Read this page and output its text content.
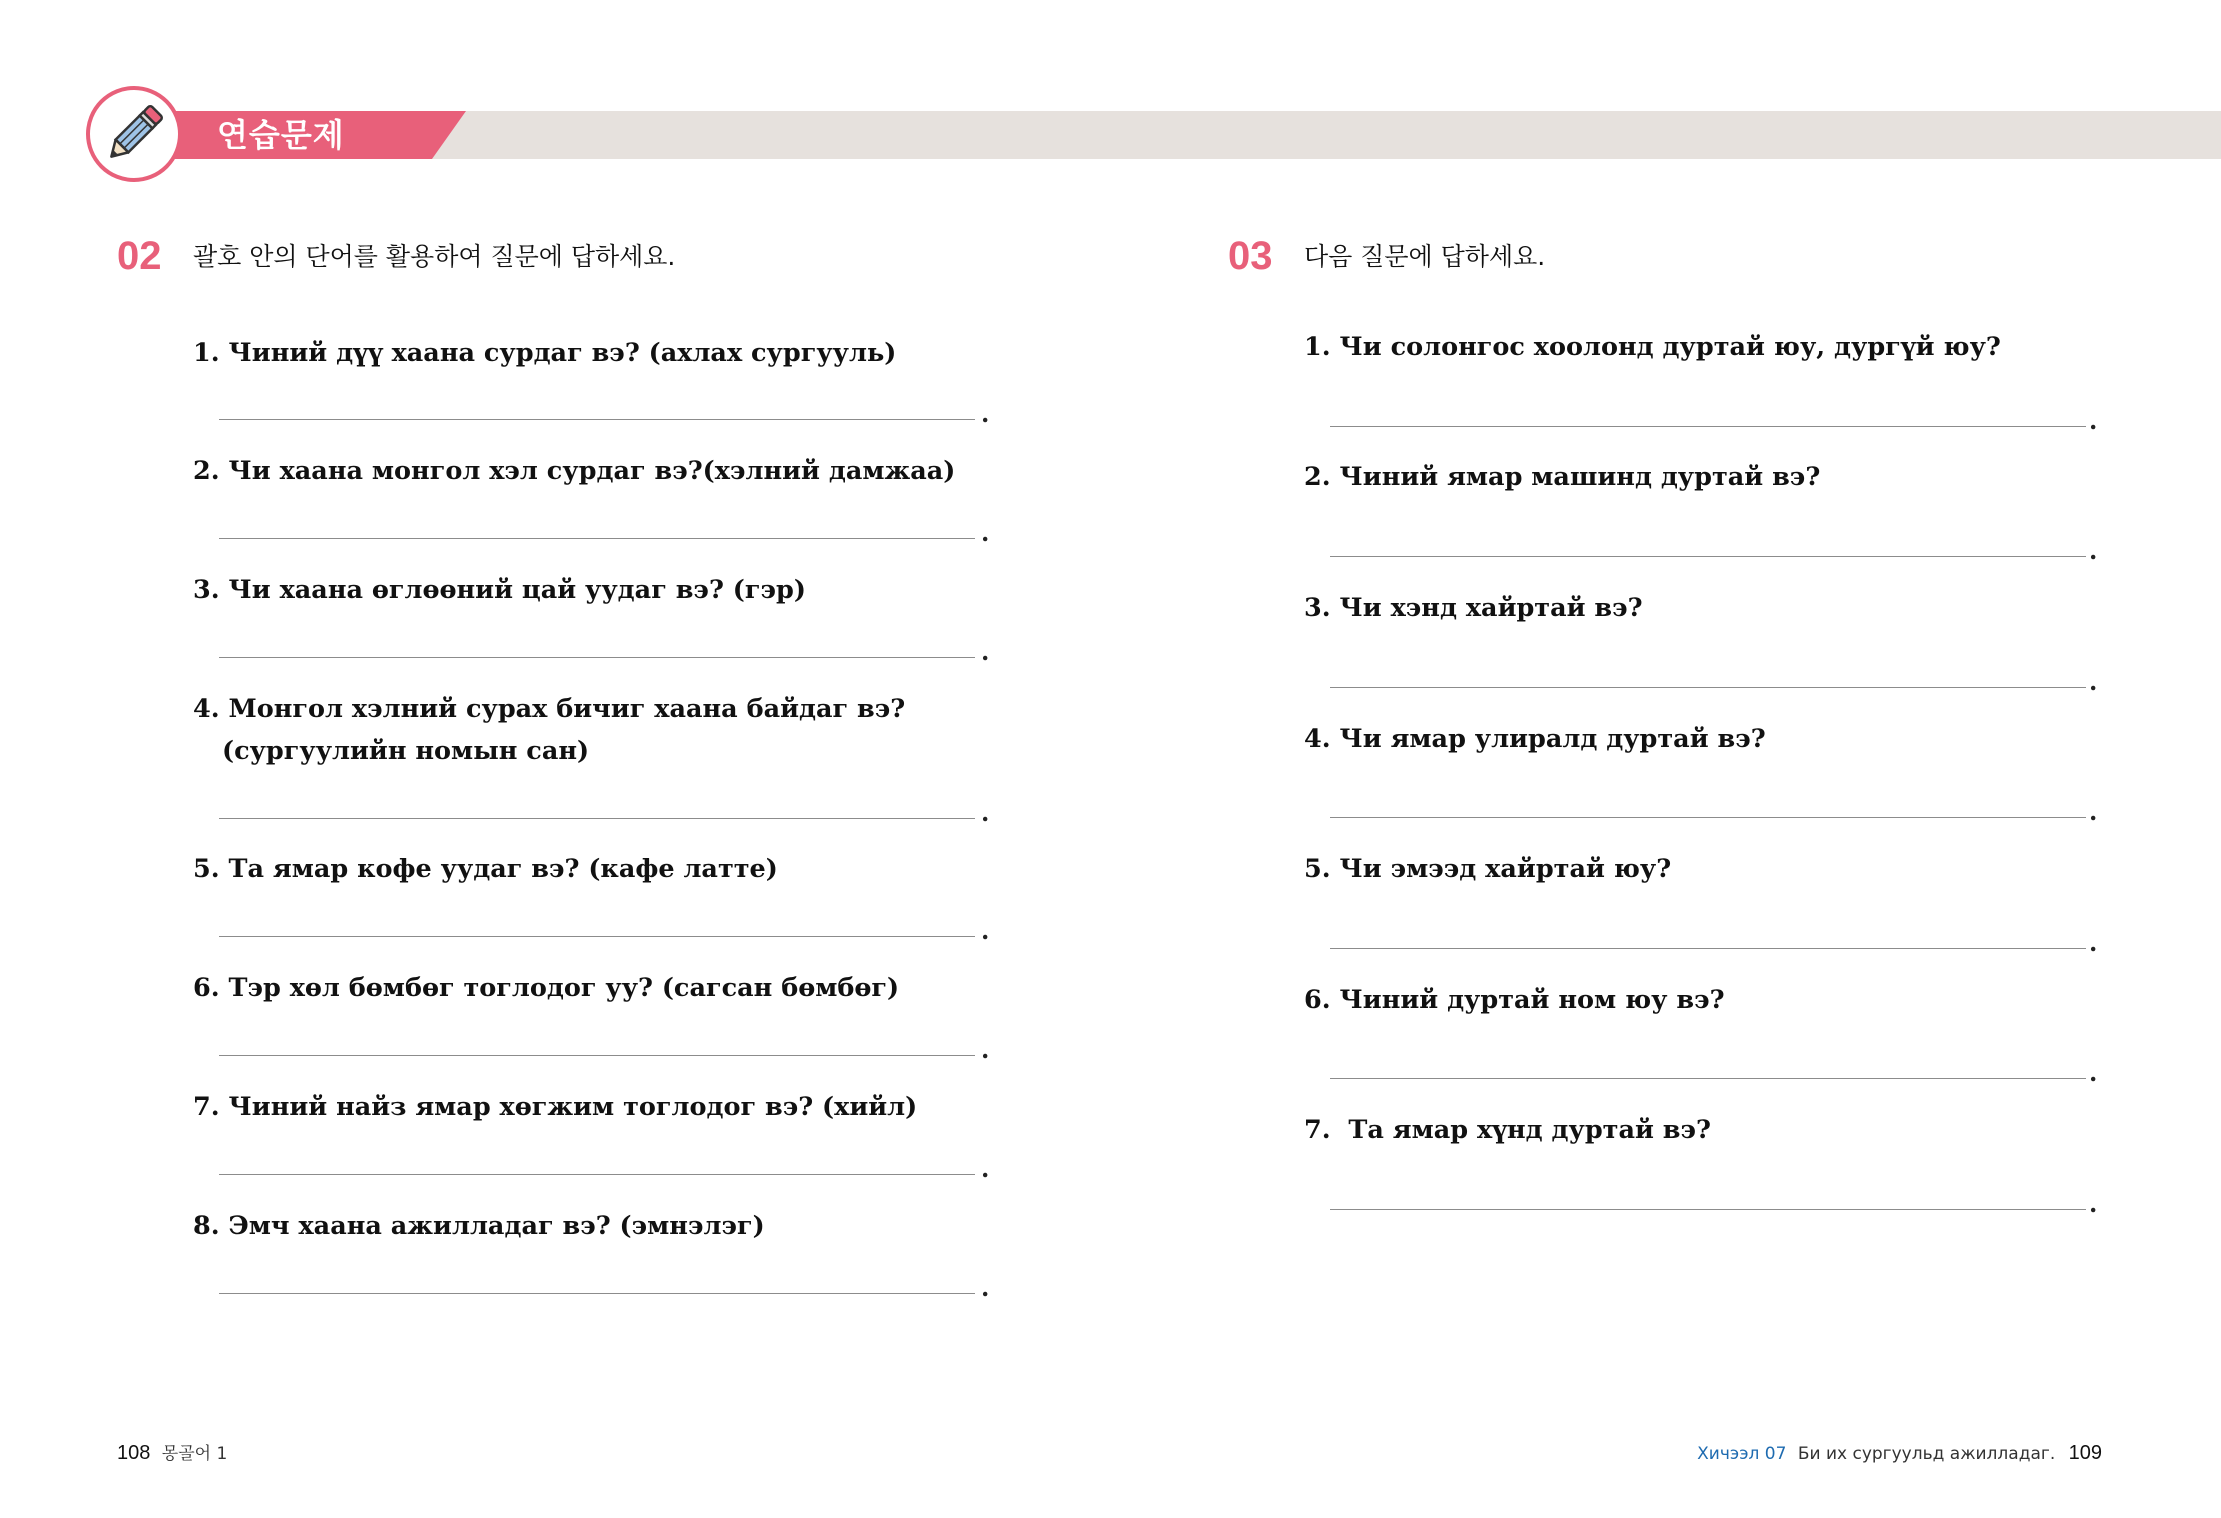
연습문제
02 괄호 안의 단어를 활용하여 질문에 답하세요.
1. Чиний дүү хаана сурдаг вэ? (ахлах сургууль)
.
2. Чи хаана монгол хэл сурдаг вэ?(хэлний дамжаа)
.
3. Чи хаана өглөөний цай уудаг вэ? (гэр)
.
4. Монгол хэлний сурах бичиг хаана байдаг вэ?
(сургуулийн номын сан)
.
5. Та ямар кофе уудаг вэ? (кафе латте)
.
6. Тэр хөл бөмбөг тоглодог уу? (сагсан бөмбөг)
.
7. Чиний найз ямар хөгжим тоглодог вэ? (хийл)
.
8. Эмч хаана ажилладаг вэ? (эмнэлэг)
.
03 다음 질문에 답하세요.
1. Чи солонгос хоолонд дуртай юу, дургүй юу?
.
2. Чиний ямар машинд дуртай вэ?
.
3. Чи хэнд хайртай вэ?
.
4. Чи ямар улиралд дуртай вэ?
.
5. Чи эмээд хайртай юу?
.
6. Чиний дуртай ном юу вэ?
.
7.  Та ямар хүнд дуртай вэ?
.
108 몽골어 1	Хичээл 07 Би их сургуульд ажилладаг. 109
